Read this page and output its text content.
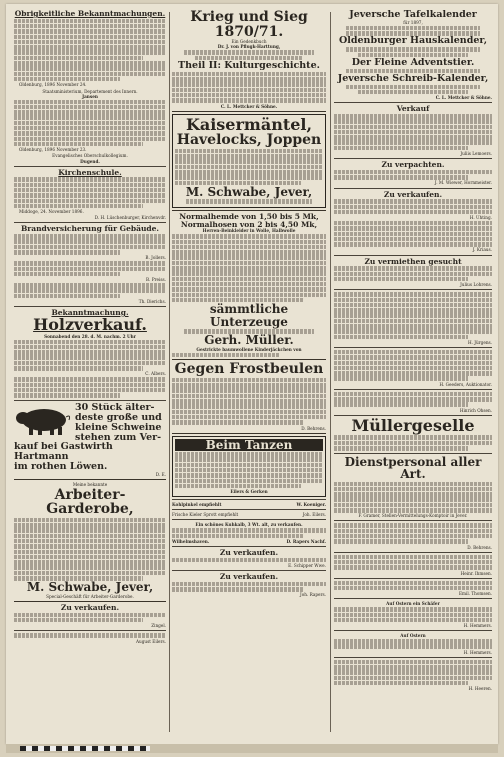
Obrigkeitliche Bekanntmachungen.
Oldenburg, 1896 November 24.
Staatsministerium, Departement des Innern.
Jansen
Oldenburg, 1896 November 23.
Evangelisches Oberschulkollegium.
Dugend.
Kirchenschule.
Middoge, 24. November 1896.
D. H. Lüschenburger, Kirchenvdr.
Brandversicherung für Gebäude.
B. Jollers.
B. Preiss.
Th. Dierichs.
Bekanntmachung.
Holzverkauf.
Sonnabend den 28. d. M. nachm. 2 Uhr
C. Albers.
30 Stück älter-
deste große und
kleine Schweine
stehen zum Ver-
kauf bei Gastwirth Hartmann
im rothen Löwen.
D. E.
Meine bekannte
Arbeiter-Garderobe,
M. Schwabe, Jever,
Special-Geschäft für Arbeiter-Garderobe.
Zu verkaufen.
Zingel.
August Eilers.
Krieg und Sieg 1870/71.
Ein Gedenkbuch
Dr. J. von Pflugk-Harttung,
Theil II: Kulturgeschichte.
C. L. Mettcker & Söhne.
Kaisermäntel,
Havelocks, Joppen
M. Schwabe, Jever,
Normalhemde von 1,50 bis 5 Mk,
Normalhosen von 2 bis 4,50 Mk,
Herren-Beinkleider in Wolle, Halbwolle
sämmtliche Unterzeuge
Gerh. Müller.
Gestrickte baumwollene Kinderjäckchen von
Gegen Frostbeulen
D. Behrens.
Beim Tanzen
Eilers & Gerken
Kohlpinkel empfiehlt	W. Koeniger.
Frische Kieler Sprott empfiehlt	Joh. Eilers.
Ein schönes Kuhkalb, 3 Wt. alt, zu verkaufen.
Wilhelmshaven.	D. Rapers Nachf.
Zu verkaufen.
E. Schipper Wwe.
Zu verkaufen.
Joh. Rapers.
Jeversche Tafelkalender
für 1897,
Oldenburger Hauskalender,
Der Fleine Adventstier.
Jeversche Schreib-Kalender,
C. L. Mettcker & Söhne.
Verkauf
Juliis Lemoers.
Zu verpachten.
J. M. Wiewer, Hornmeister.
Zu verkaufen.
H. Uhting.
J. Kriaus.
Zu vermiethen gesucht
Julius Lohrens.
H. Jürgens.
H. Geeders, Auktionator.
Hinrich Ohsen.
Müllergeselle
Dienstpersonal aller Art.
F. Gramer, Stellen-Vermittelungs-Komptoir in Jever.
D. Behrens.
Heinr. Ihmsen.
Emil. Thomsen.
Auf Ostern ein Schäfer
H. Hemmers.
Auf Ostern
H. Hemmers.
H. Heeren.
